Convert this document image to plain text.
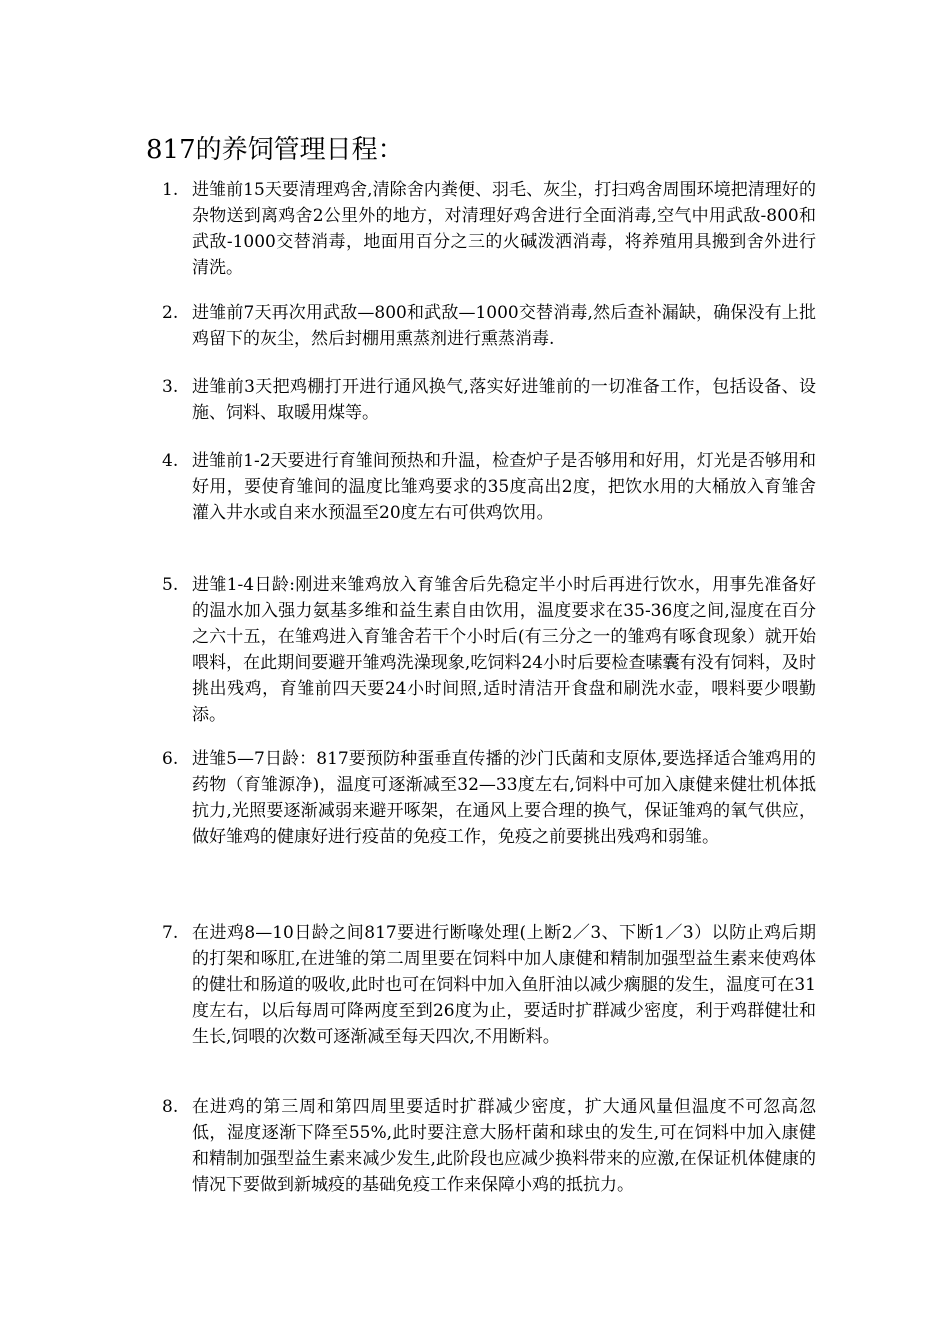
817的养饲管理日程：
1. 进雏前15天要清理鸡舍,清除舍内粪便、羽毛、灰尘，打扫鸡舍周围环境把清理好的杂物送到离鸡舍2公里外的地方，对清理好鸡舍进行全面消毒,空气中用武敌-800和武敌-1000交替消毒，地面用百分之三的火碱泼洒消毒，将养殖用具搬到舍外进行清洗。
2. 进雏前7天再次用武敌—800和武敌—1000交替消毒,然后查补漏缺，确保没有上批鸡留下的灰尘，然后封棚用熏蒸剂进行熏蒸消毒.
3. 进雏前3天把鸡棚打开进行通风换气,落实好进雏前的一切准备工作，包括设备、设施、饲料、取暖用煤等。
4. 进雏前1-2天要进行育雏间预热和升温，检查炉子是否够用和好用，灯光是否够用和好用，要使育雏间的温度比雏鸡要求的35度高出2度，把饮水用的大桶放入育雏舍灌入井水或自来水预温至20度左右可供鸡饮用。
5. 进雏1-4日龄:刚进来雏鸡放入育雏舍后先稳定半小时后再进行饮水，用事先准备好的温水加入强力氨基多维和益生素自由饮用，温度要求在35-36度之间,湿度在百分之六十五，在雏鸡进入育雏舍若干个小时后(有三分之一的雏鸡有啄食现象）就开始喂料，在此期间要避开雏鸡洗澡现象,吃饲料24小时后要检查嗉囊有没有饲料，及时挑出残鸡，育雏前四天要24小时间照,适时清洁开食盘和刷洗水壶，喂料要少喂勤添。
6. 进雏5—7日龄：817要预防种蛋垂直传播的沙门氏菌和支原体,要选择适合雏鸡用的药物（育雏源净)，温度可逐渐减至32—33度左右,饲料中可加入康健来健壮机体抵抗力,光照要逐渐减弱来避开啄架，在通风上要合理的换气，保证雏鸡的氧气供应，做好雏鸡的健康好进行疫苗的免疫工作，免疫之前要挑出残鸡和弱雏。
7. 在进鸡8—10日龄之间817要进行断喙处理(上断2／3、下断1／3）以防止鸡后期的打架和啄肛,在进雏的第二周里要在饲料中加人康健和精制加强型益生素来使鸡体的健壮和肠道的吸收,此时也可在饲料中加入鱼肝油以减少瘸腿的发生，温度可在31度左右，以后每周可降两度至到26度为止，要适时扩群减少密度，利于鸡群健壮和生长,饲喂的次数可逐渐减至每天四次,不用断料。
8. 在进鸡的第三周和第四周里要适时扩群减少密度，扩大通风量但温度不可忽高忽低，湿度逐渐下降至55%,此时要注意大肠杆菌和球虫的发生,可在饲料中加入康健和精制加强型益生素来减少发生,此阶段也应减少换料带来的应激,在保证机体健康的情况下要做到新城疫的基础免疫工作来保障小鸡的抵抗力。
